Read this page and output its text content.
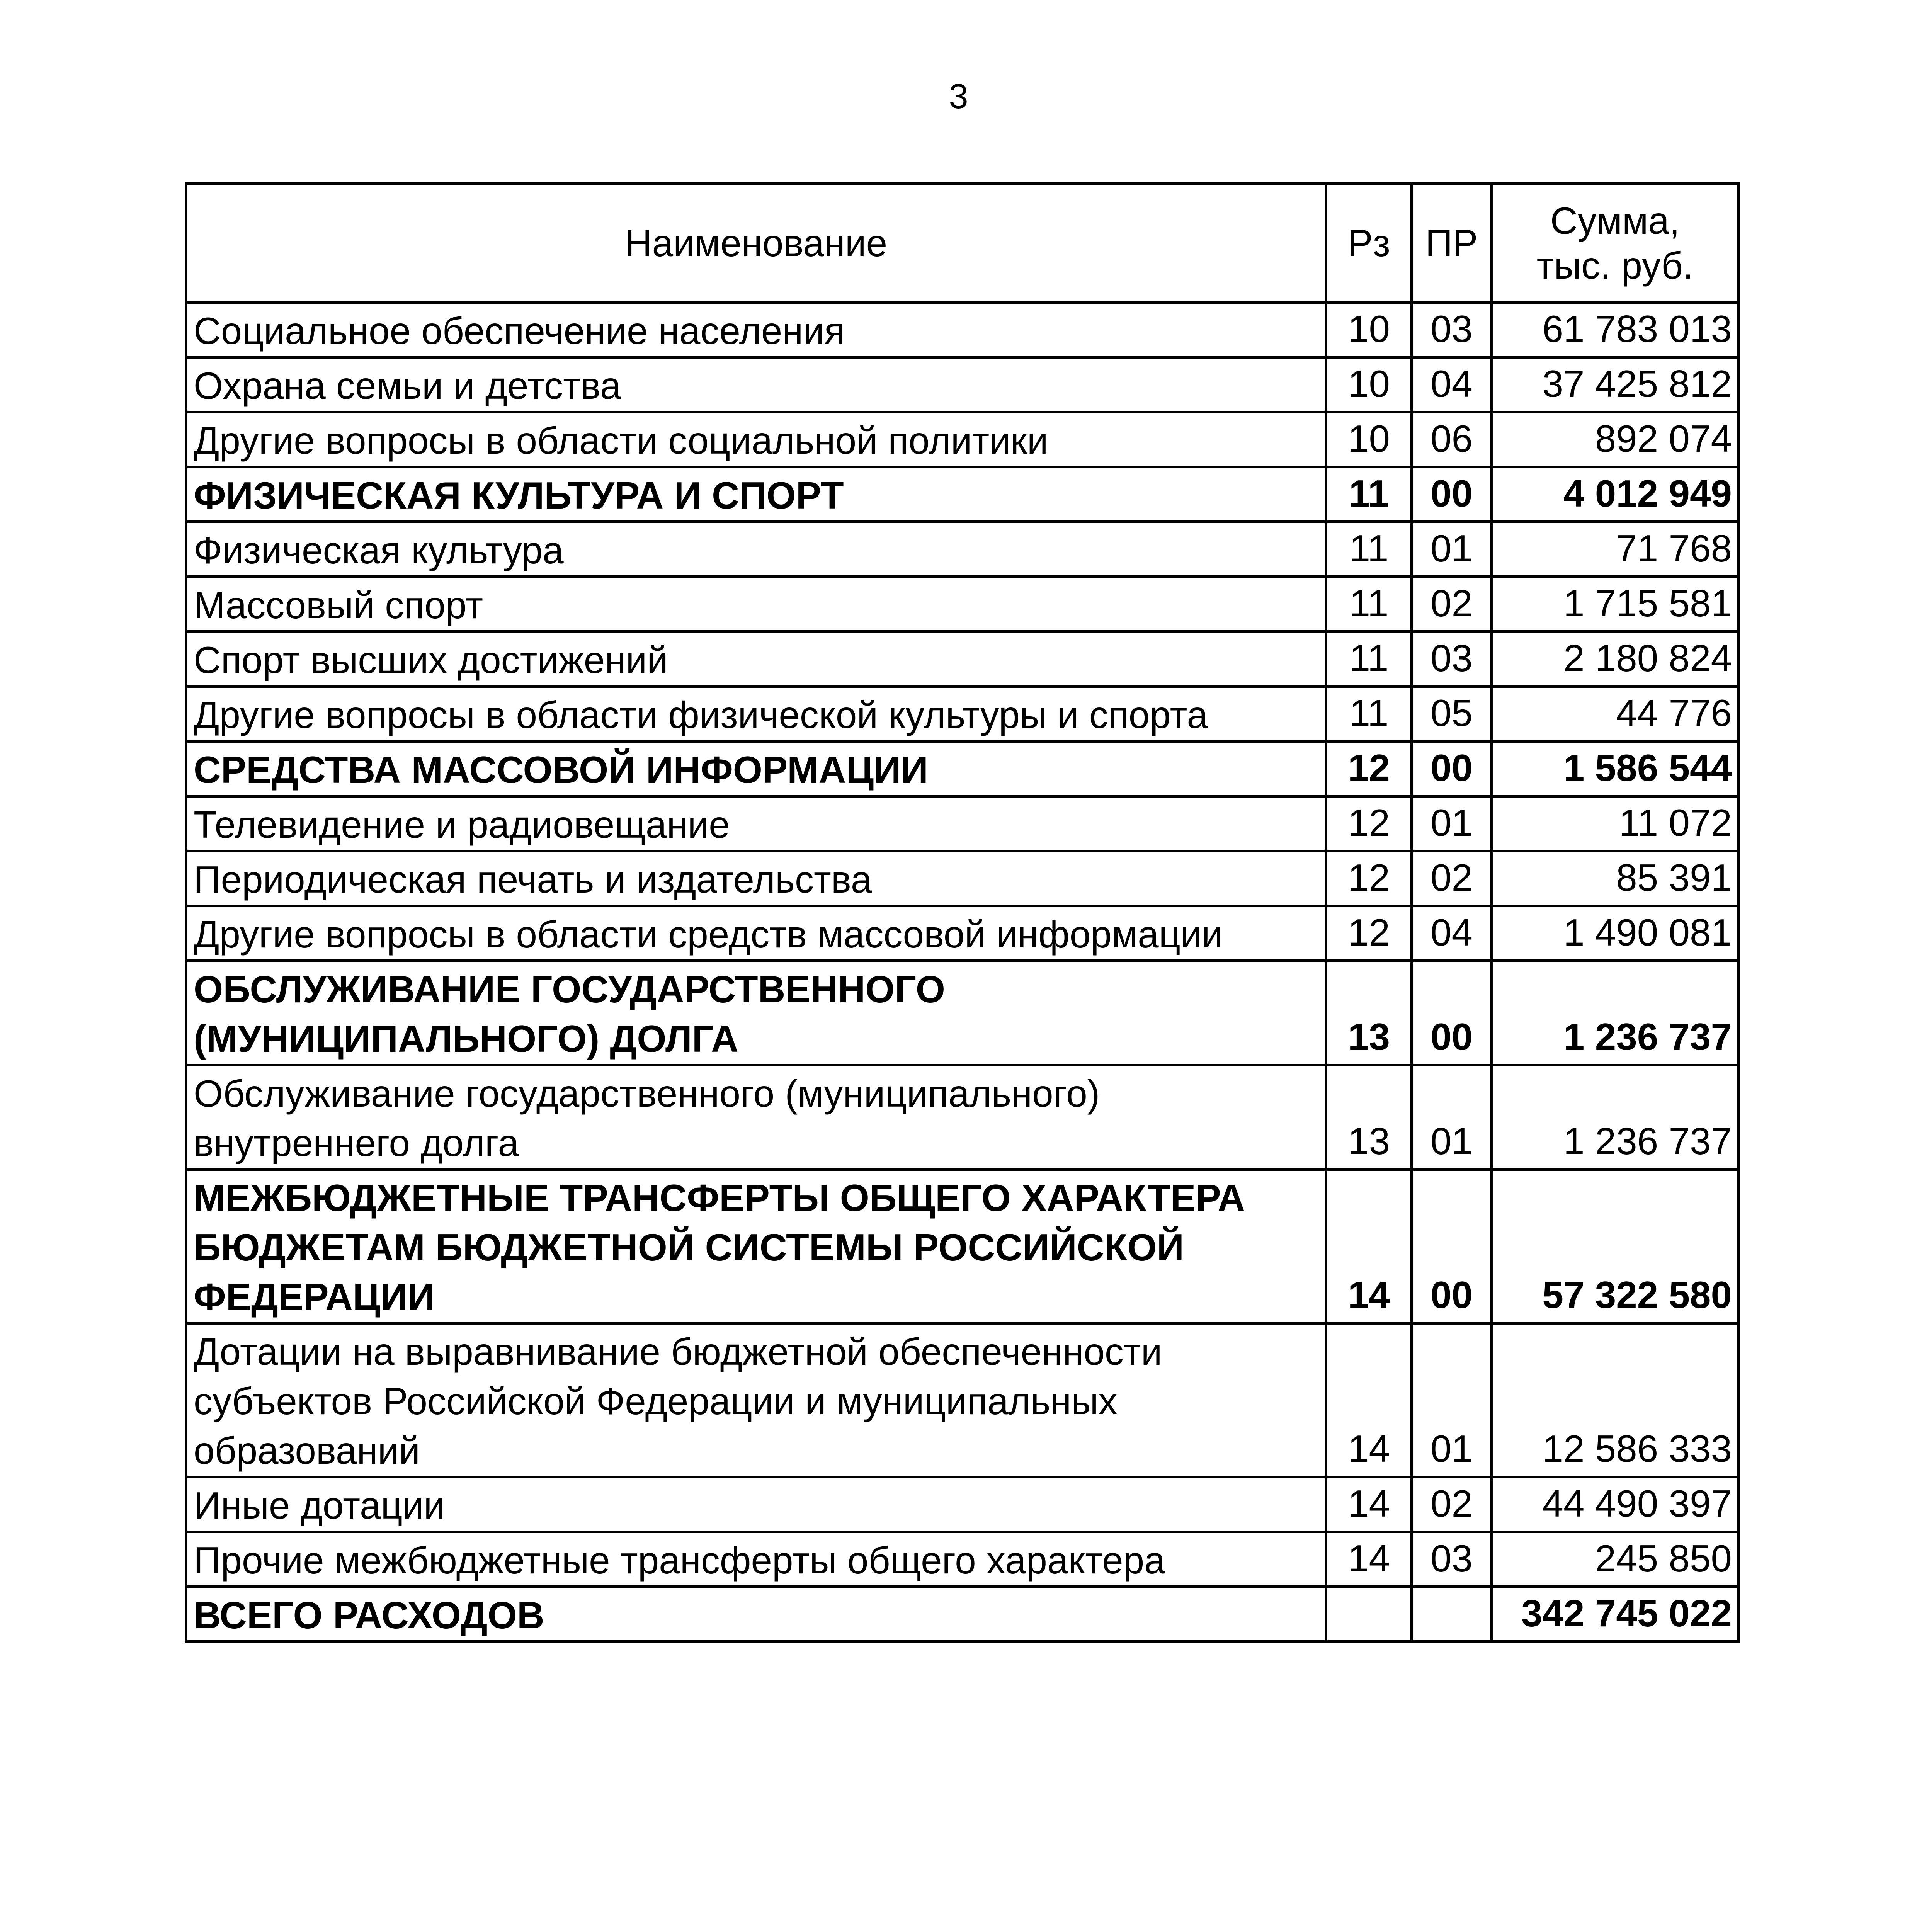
3
Наименование	Рз	ПР	Сумма,
тыс. руб.
Социальное обеспечение населения	10	03	61 783 013
Охрана семьи и детства	10	04	37 425 812
Другие вопросы в области социальной политики	10	06	892 074
ФИЗИЧЕСКАЯ КУЛЬТУРА И СПОРТ	11	00	4 012 949
Физическая культура	11	01	71 768
Массовый спорт	11	02	1 715 581
Спорт высших достижений	11	03	2 180 824
Другие вопросы в области физической культуры и спорта	11	05	44 776
СРЕДСТВА МАССОВОЙ ИНФОРМАЦИИ	12	00	1 586 544
Телевидение и радиовещание	12	01	11 072
Периодическая печать и издательства	12	02	85 391
Другие вопросы в области средств массовой информации	12	04	1 490 081
ОБСЛУЖИВАНИЕ ГОСУДАРСТВЕННОГО
(МУНИЦИПАЛЬНОГО) ДОЛГА	13	00	1 236 737
Обслуживание государственного (муниципального)
внутреннего долга	13	01	1 236 737
МЕЖБЮДЖЕТНЫЕ ТРАНСФЕРТЫ ОБЩЕГО ХАРАКТЕРА
БЮДЖЕТАМ БЮДЖЕТНОЙ СИСТЕМЫ РОССИЙСКОЙ
ФЕДЕРАЦИИ	14	00	57 322 580
Дотации на выравнивание бюджетной обеспеченности
субъектов Российской Федерации и муниципальных
образований	14	01	12 586 333
Иные дотации	14	02	44 490 397
Прочие межбюджетные трансферты общего характера	14	03	245 850
ВСЕГО РАСХОДОВ			342 745 022
